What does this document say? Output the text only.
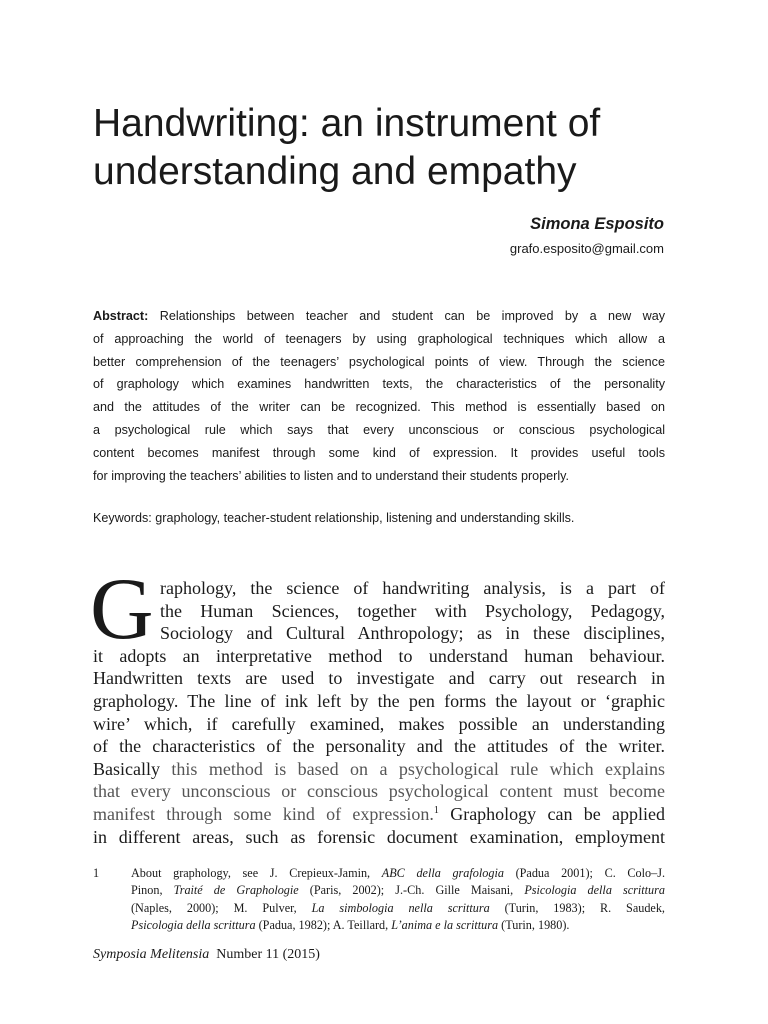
Handwriting: an instrument of
understanding and empathy
Simona Esposito
grafo.esposito@gmail.com
Abstract: Relationships between teacher and student can be improved by a new way
of approaching the world of teenagers by using graphological techniques which allow a
better comprehension of the teenagers’ psychological points of view. Through the science
of graphology which examines handwritten texts, the characteristics of the personality
and the attitudes of the writer can be recognized. This method is essentially based on
a psychological rule which says that every unconscious or conscious psychological
content becomes manifest through some kind of expression. It provides useful tools
for improving the teachers’ abilities to listen and to understand their students properly.
Keywords: graphology, teacher-student relationship, listening and understanding skills.
G raphology, the science of handwriting analysis, is a part of
the Human Sciences, together with Psychology, Pedagogy,
Sociology and Cultural Anthropology; as in these disciplines,
it adopts an interpretative method to understand human behaviour.
Handwritten texts are used to investigate and carry out research in
graphology. The line of ink left by the pen forms the layout or ‘graphic
wire’ which, if carefully examined, makes possible an understanding
of the characteristics of the personality and the attitudes of the writer.
Basically this method is based on a psychological rule which explains
that every unconscious or conscious psychological content must become
manifest through some kind of expression.$^1$ Graphology can be applied
in different areas, such as forensic document examination, employment
1	About graphology, see J. Crepieux-Jamin, ABC della grafologia (Padua 2001); C. Colo–J.
Pinon, Traité de Graphologie (Paris, 2002); J.-Ch. Gille Maisani, Psicologia della scrittura
(Naples, 2000); M. Pulver, La simbologia nella scrittura (Turin, 1983); R. Saudek,
Psicologia della scrittura (Padua, 1982); A. Teillard, L’anima e la scrittura (Turin, 1980).
Symposia Melitensia Number 11 (2015)
